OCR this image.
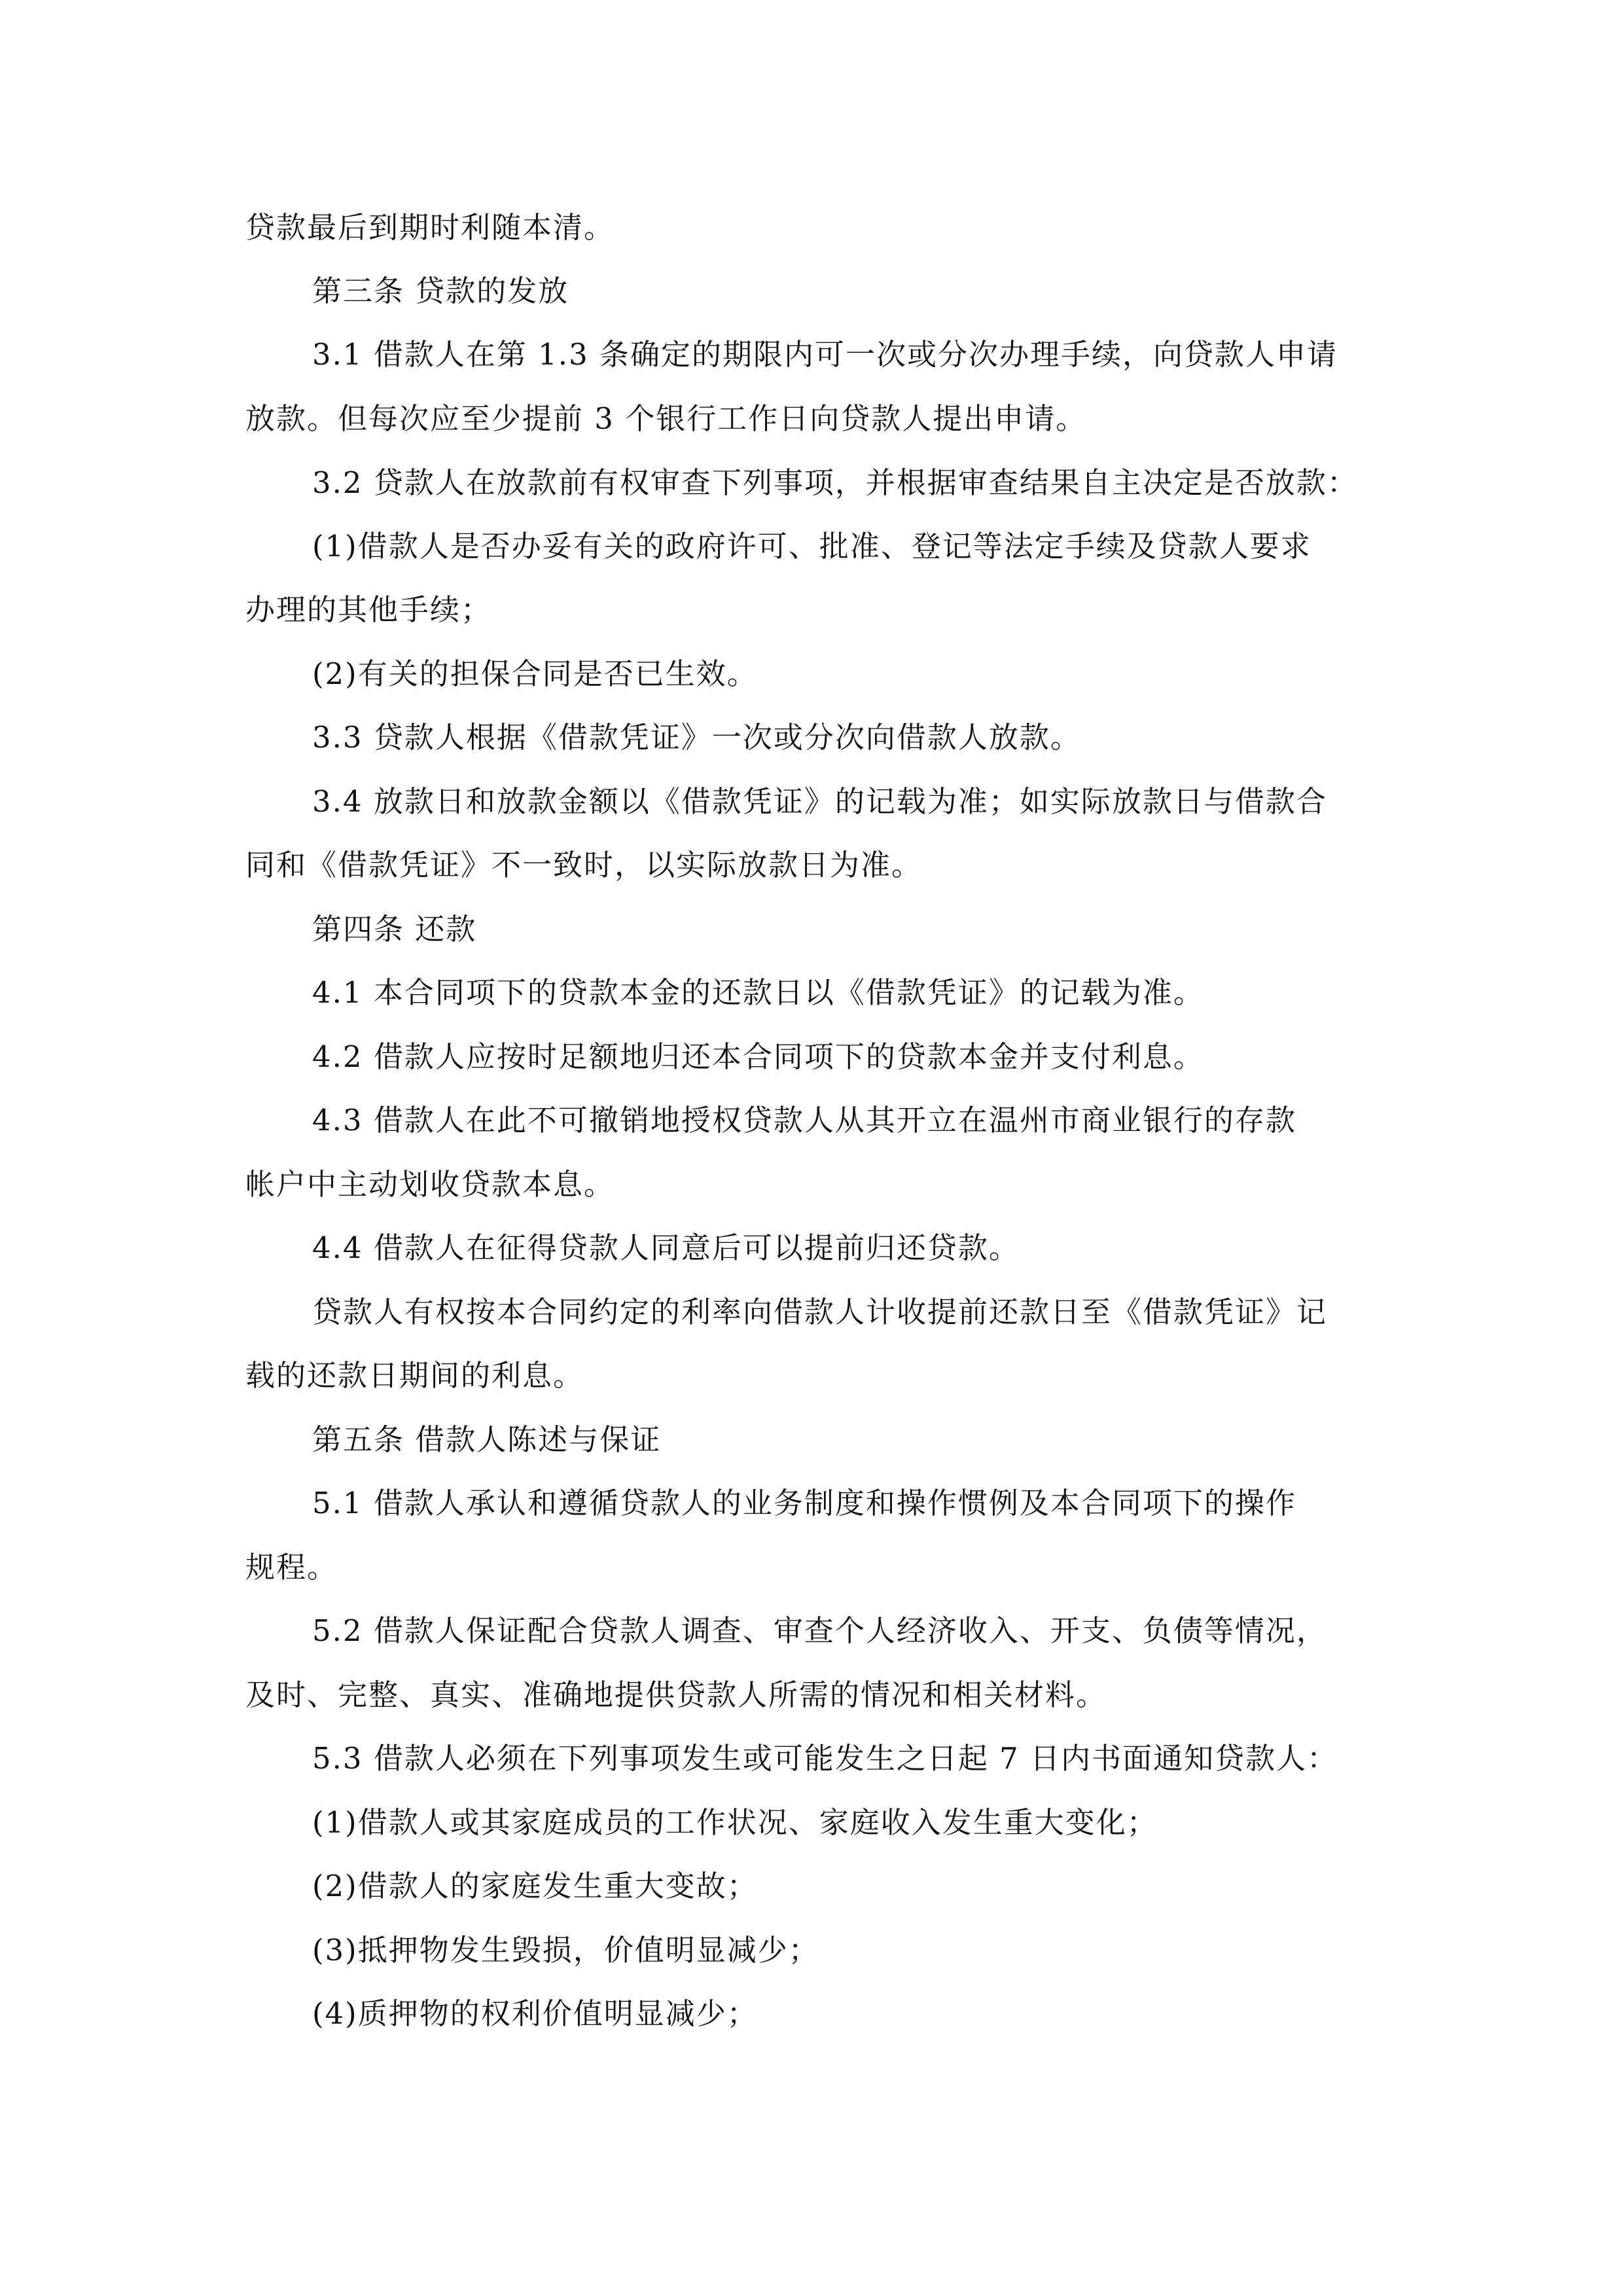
贷款最后到期时利随本清。
第三条 贷款的发放
3.1 借款人在第 1.3 条确定的期限内可一次或分次办理手续，向贷款人申请
放款。但每次应至少提前 3 个银行工作日向贷款人提出申请。
3.2 贷款人在放款前有权审查下列事项，并根据审查结果自主决定是否放款：
(1)借款人是否办妥有关的政府许可、批准、登记等法定手续及贷款人要求
办理的其他手续；
(2)有关的担保合同是否已生效。
3.3 贷款人根据《借款凭证》一次或分次向借款人放款。
3.4 放款日和放款金额以《借款凭证》的记载为准；如实际放款日与借款合
同和《借款凭证》不一致时，以实际放款日为准。
第四条 还款
4.1 本合同项下的贷款本金的还款日以《借款凭证》的记载为准。
4.2 借款人应按时足额地归还本合同项下的贷款本金并支付利息。
4.3 借款人在此不可撤销地授权贷款人从其开立在温州市商业银行的存款
帐户中主动划收贷款本息。
4.4 借款人在征得贷款人同意后可以提前归还贷款。
贷款人有权按本合同约定的利率向借款人计收提前还款日至《借款凭证》记
载的还款日期间的利息。
第五条 借款人陈述与保证
5.1 借款人承认和遵循贷款人的业务制度和操作惯例及本合同项下的操作
规程。
5.2 借款人保证配合贷款人调查、审查个人经济收入、开支、负债等情况，
及时、完整、真实、准确地提供贷款人所需的情况和相关材料。
5.3 借款人必须在下列事项发生或可能发生之日起 7 日内书面通知贷款人：
(1)借款人或其家庭成员的工作状况、家庭收入发生重大变化；
(2)借款人的家庭发生重大变故；
(3)抵押物发生毁损，价值明显减少；
(4)质押物的权利价值明显减少；
